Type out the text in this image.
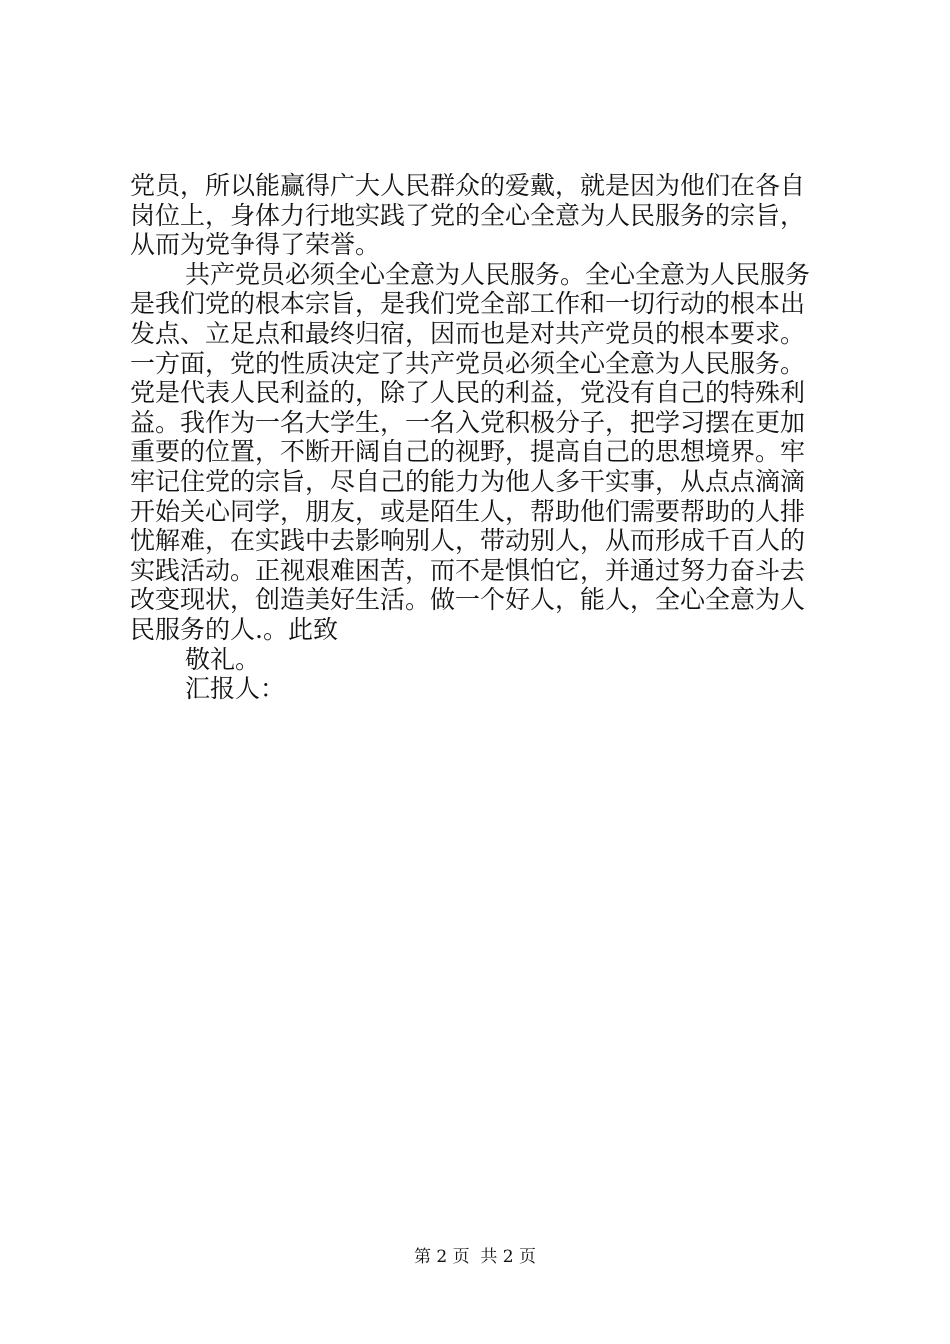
党员，所以能赢得广大人民群众的爱戴，就是因为他们在各自
岗位上，身体力行地实践了党的全心全意为人民服务的宗旨，
从而为党争得了荣誉。
共产党员必须全心全意为人民服务。全心全意为人民服务
是我们党的根本宗旨，是我们党全部工作和一切行动的根本出
发点、立足点和最终归宿，因而也是对共产党员的根本要求。
一方面，党的性质决定了共产党员必须全心全意为人民服务。
党是代表人民利益的，除了人民的利益，党没有自己的特殊利
益。我作为一名大学生，一名入党积极分子，把学习摆在更加
重要的位置，不断开阔自己的视野，提高自己的思想境界。牢
牢记住党的宗旨，尽自己的能力为他人多干实事，从点点滴滴
开始关心同学，朋友，或是陌生人，帮助他们需要帮助的人排
忧解难，在实践中去影响别人，带动别人，从而形成千百人的
实践活动。正视艰难困苦，而不是惧怕它，并通过努力奋斗去
改变现状，创造美好生活。做一个好人，能人，全心全意为人
民服务的人.。此致
敬礼。
汇报人：
第 2 页  共 2 页
